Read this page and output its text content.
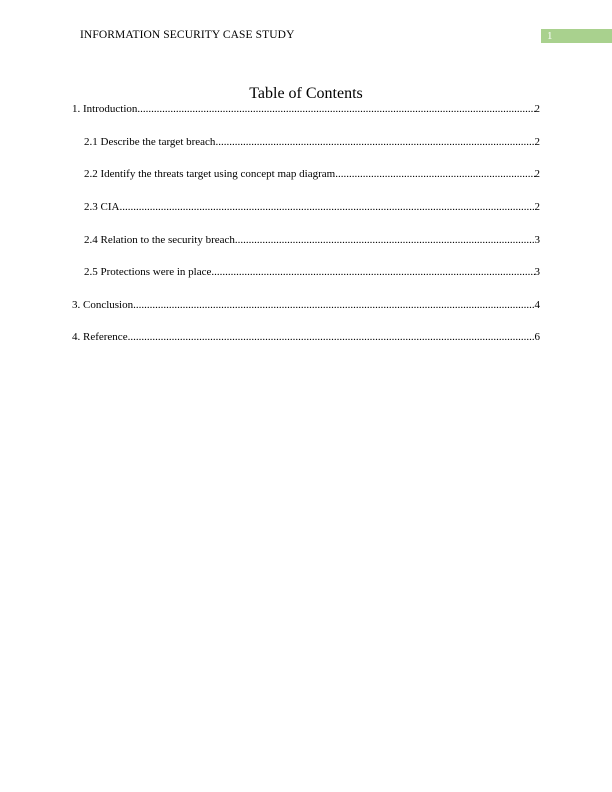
INFORMATION SECURITY CASE STUDY	1
Table of Contents
1. Introduction .....	2
2.1 Describe the target breach .....	2
2.2 Identify the threats target using concept map diagram .....	2
2.3 CIA .....	2
2.4 Relation to the security breach .....	3
2.5 Protections were in place .....	3
3. Conclusion .....	4
4. Reference .....	6
